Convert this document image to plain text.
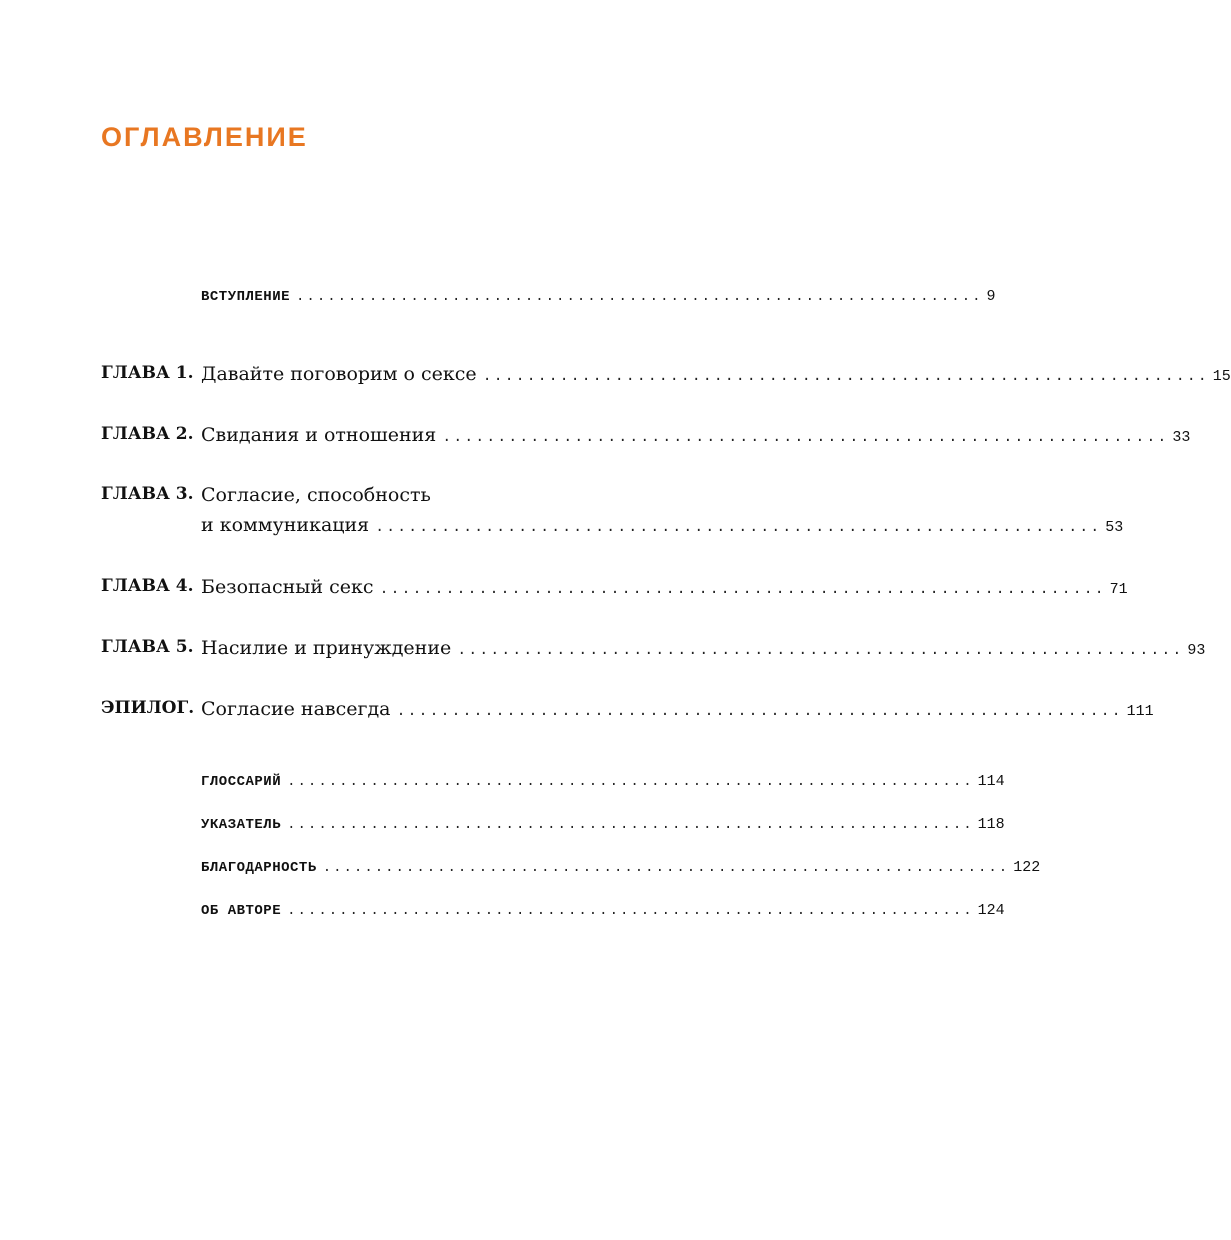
ОГЛАВЛЕНИЕ
ВСТУПЛЕНИЕ .................................................................. 9
ГЛАВА 1. Давайте поговорим о сексе .................................................................. 15
ГЛАВА 2. Свидания и отношения .................................................................. 33
ГЛАВА 3. Согласие, способность
и коммуникация .................................................................. 53
ГЛАВА 4. Безопасный секс .................................................................. 71
ГЛАВА 5. Насилие и принуждение .................................................................. 93
ЭПИЛОГ. Согласие навсегда .................................................................. 111
ГЛОССАРИЙ .................................................................. 114
УКАЗАТЕЛЬ .................................................................. 118
БЛАГОДАРНОСТЬ .................................................................. 122
ОБ АВТОРЕ .................................................................. 124
